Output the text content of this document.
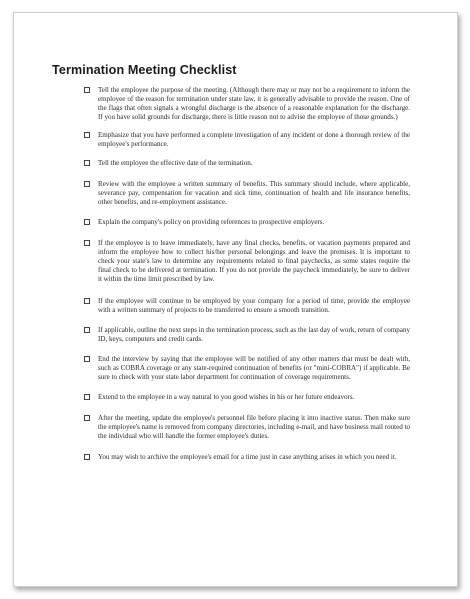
Termination Meeting Checklist
Tell the employee the purpose of the meeting. (Although there may or may not be a requirement to inform the employee of the reason for termination under state law, it is generally advisable to provide the reason. One of the flags that often signals a wrongful discharge is the absence of a reasonable explanation for the discharge. If you have solid grounds for discharge, there is little reason not to advise the employee of those grounds.)
Emphasize that you have performed a complete investigation of any incident or done a thorough review of the employee's performance.
Tell the employee the effective date of the termination.
Review with the employee a written summary of benefits. This summary should include, where applicable, severance pay, compensation for vacation and sick time, continuation of health and life insurance benefits, other benefits, and re-employment assistance.
Explain the company's policy on providing references to prospective employers.
If the employee is to leave immediately, have any final checks, benefits, or vacation payments prepared and inform the employee how to collect his/her personal belongings and leave the premises. It is important to check your state's law to determine any requirements related to final paychecks, as some states require the final check to be delivered at termination. If you do not provide the paycheck immediately, be sure to deliver it within the time limit prescribed by law.
If the employee will continue to be employed by your company for a period of time, provide the employee with a written summary of projects to be transferred to ensure a smooth transition.
If applicable, outline the next steps in the termination process, such as the last day of work, return of company ID, keys, computers and credit cards.
End the interview by saying that the employee will be notified of any other matters that must be dealt with, such as COBRA coverage or any state-required continuation of benefits (or "mini-COBRA") if applicable. Be sure to check with your state labor department for continuation of coverage requirements.
Extend to the employee in a way natural to you good wishes in his or her future endeavors.
After the meeting, update the employee's personnel file before placing it into inactive status. Then make sure the employee's name is removed from company directories, including e-mail, and have business mail routed to the individual who will handle the former employee's duties.
You may wish to archive the employee's email for a time just in case anything arises in which you need it.
